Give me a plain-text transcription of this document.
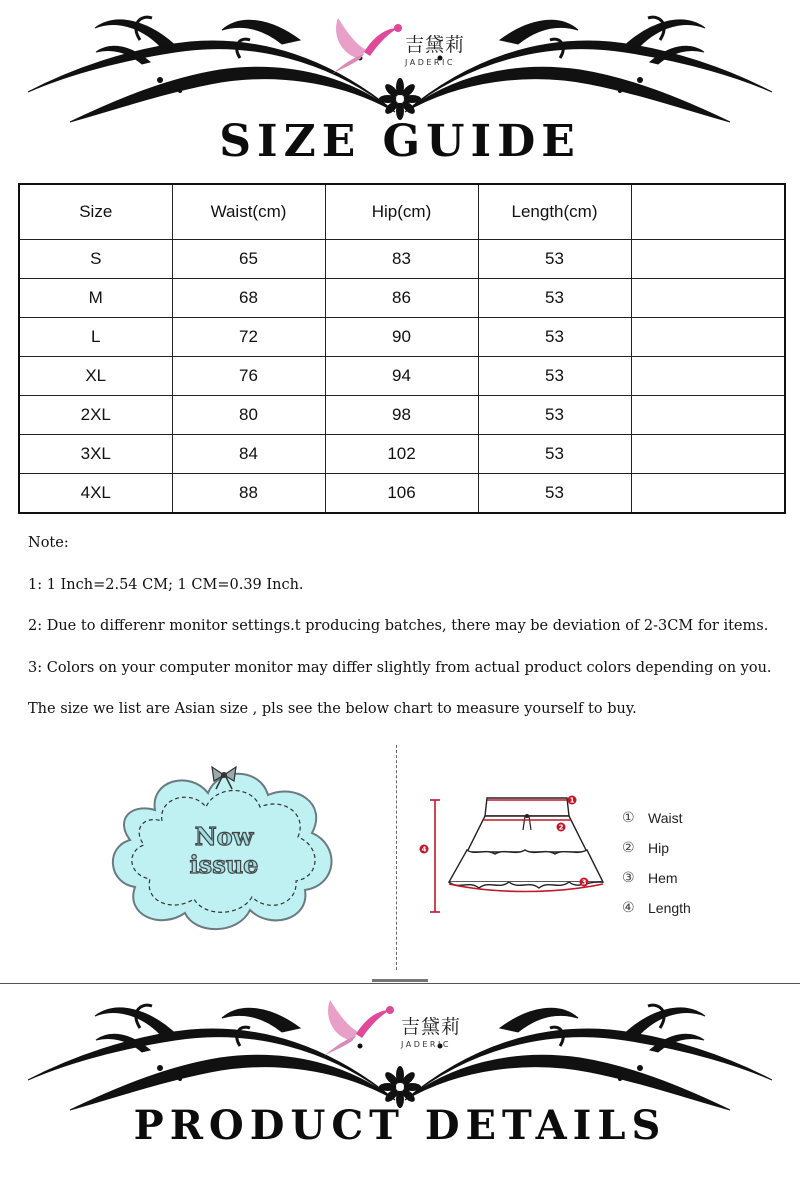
吉黛莉
JADERIC
SIZE GUIDE
Size	Waist(cm)	Hip(cm)	Length(cm)	
S	65	83	53	
M	68	86	53	
L	72	90	53	
XL	76	94	53	
2XL	80	98	53	
3XL	84	102	53	
4XL	88	106	53	

Note:

1: 1 Inch=2.54 CM; 1 CM=0.39 Inch.

2: Due to differenr monitor settings.t producing batches, there may be deviation of 2-3CM for items.

3: Colors on your computer monitor may differ slightly from actual product colors depending on you.

The size we list are Asian size , pls see the below chart to measure yourself to buy.

Now
issue
1
2
3
4
① Waist
② Hip
③ Hem
④ Length
吉黛莉
JADERIC
PRODUCT DETAILS
